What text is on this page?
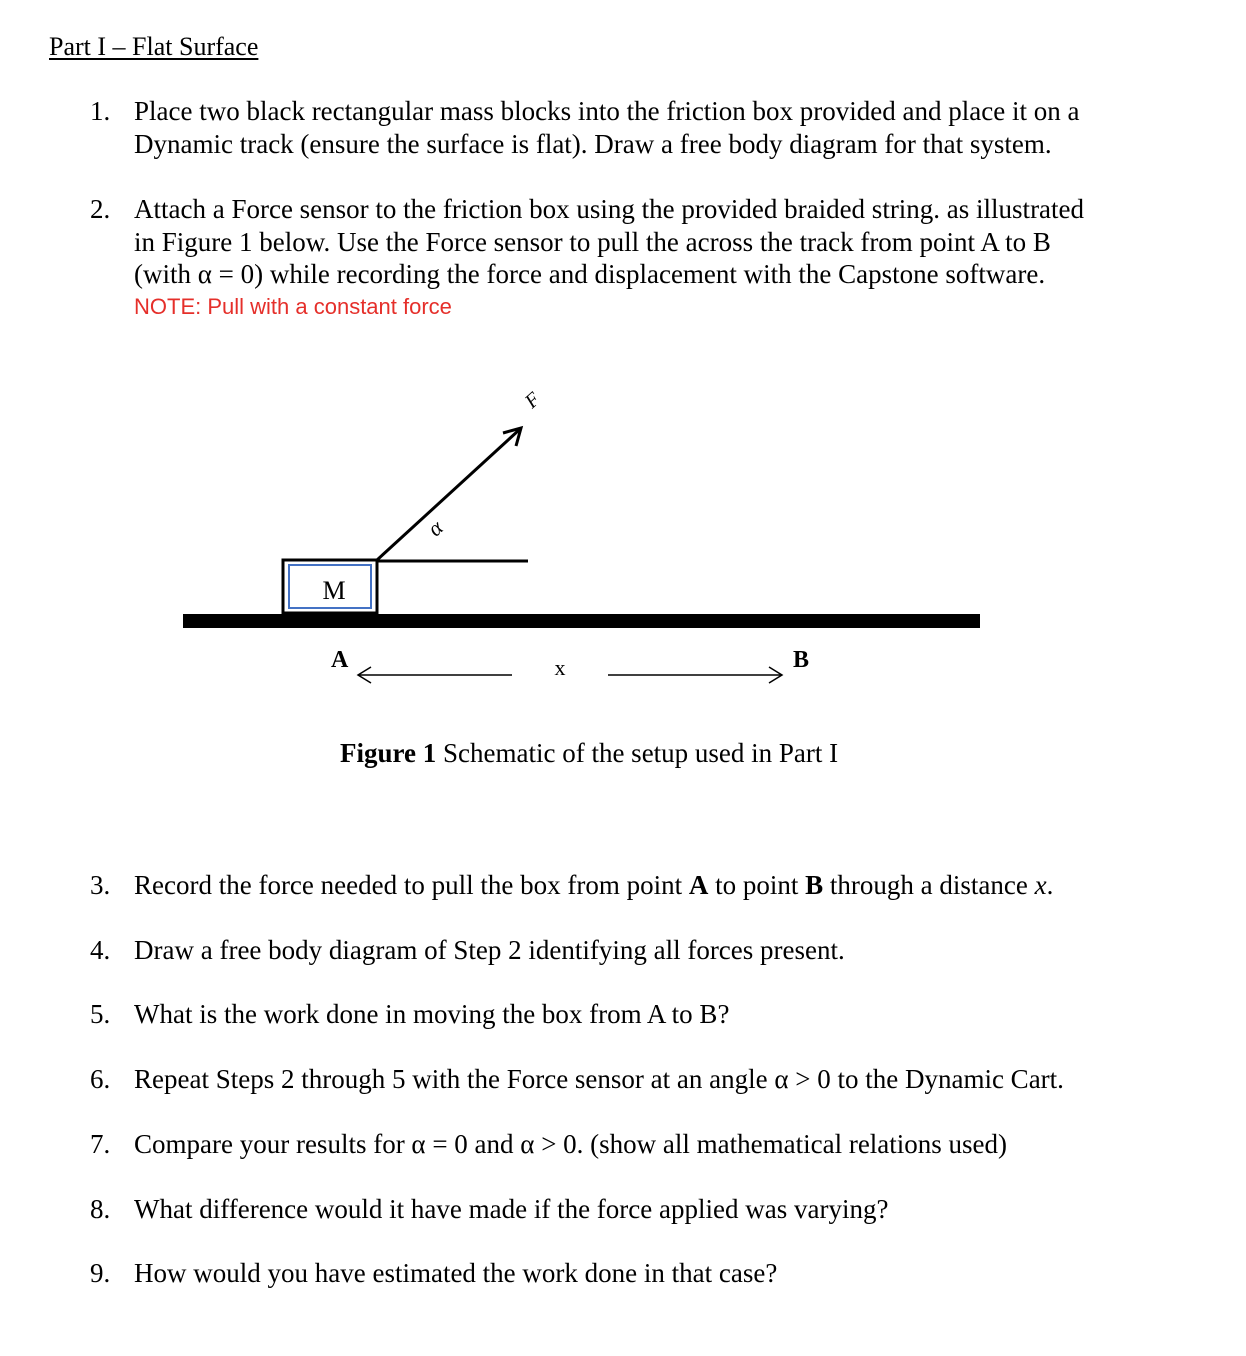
Part I – Flat Surface
1. Place two black rectangular mass blocks into the friction box provided and place it on a
Dynamic track (ensure the surface is flat). Draw a free body diagram for that system.
2. Attach a Force sensor to the friction box using the provided braided string. as illustrated
in Figure 1 below. Use the Force sensor to pull the across the track from point A to B
(with α = 0) while recording the force and displacement with the Capstone software.
NOTE: Pull with a constant force
M
F
α
A	x	B
Figure 1 Schematic of the setup used in Part I
3. Record the force needed to pull the box from point A to point B through a distance x.
4. Draw a free body diagram of Step 2 identifying all forces present.
5. What is the work done in moving the box from A to B?
6. Repeat Steps 2 through 5 with the Force sensor at an angle α > 0 to the Dynamic Cart.
7. Compare your results for α = 0 and α > 0. (show all mathematical relations used)
8. What difference would it have made if the force applied was varying?
9. How would you have estimated the work done in that case?
